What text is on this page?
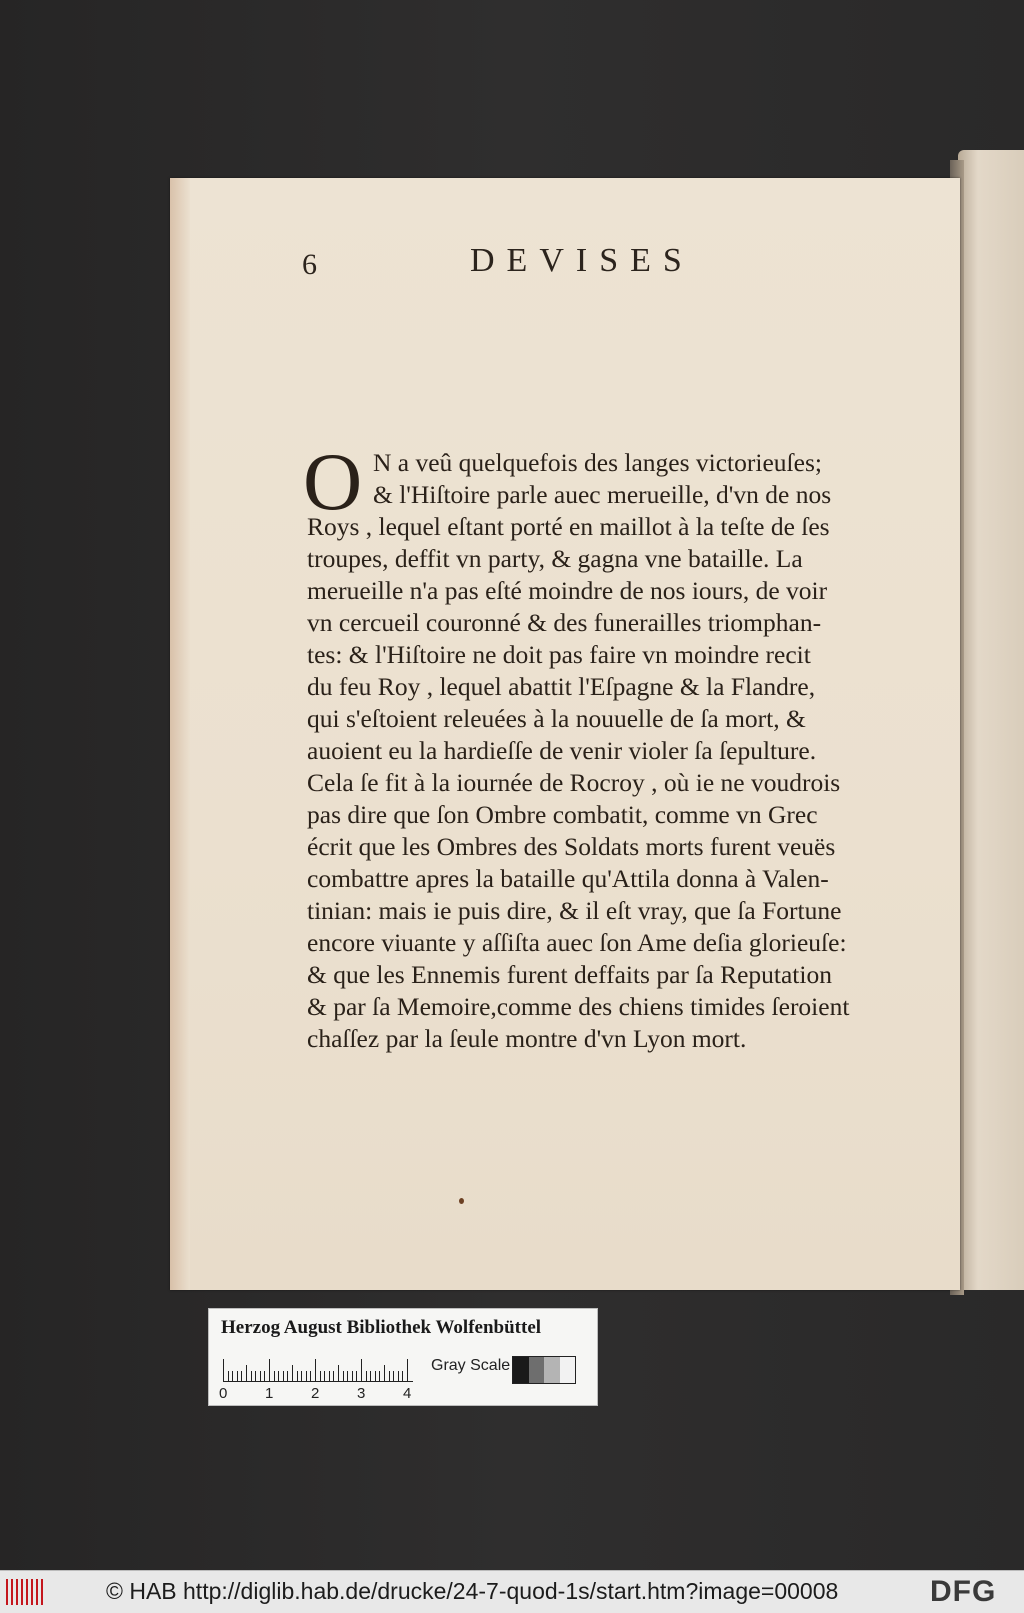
6	DEVISES
O N a veû quelquefois des langes victorieuſes;
& l'Hiſtoire parle auec merueille, d'vn de nos
Roys , lequel eſtant porté en maillot à la teſte de ſes
troupes, deffit vn party, & gagna vne bataille. La
merueille n'a pas eſté moindre de nos iours, de voir
vn cercueil couronné & des funerailles triomphan-
tes: & l'Hiſtoire ne doit pas faire vn moindre recit
du feu Roy , lequel abattit l'Eſpagne & la Flandre,
qui s'eſtoient releuées à la nouuelle de ſa mort, &
auoient eu la hardieſſe de venir violer ſa ſepulture.
Cela ſe fit à la iournée de Rocroy , où ie ne voudrois
pas dire que ſon Ombre combatit, comme vn Grec
écrit que les Ombres des Soldats morts furent veuës
combattre apres la bataille qu'Attila donna à Valen-
tinian: mais ie puis dire, & il eſt vray, que ſa Fortune
encore viuante y aſſiſta auec ſon Ame deſia glorieuſe:
& que les Ennemis furent deffaits par ſa Reputation
& par ſa Memoire,comme des chiens timides ſeroient
chaſſez par la ſeule montre d'vn Lyon mort.
Herzog August Bibliothek Wolfenbüttel
0	1	2	3	4
Gray Scale
© HAB http://diglib.hab.de/drucke/24-7-quod-1s/start.htm?image=00008	DFG
